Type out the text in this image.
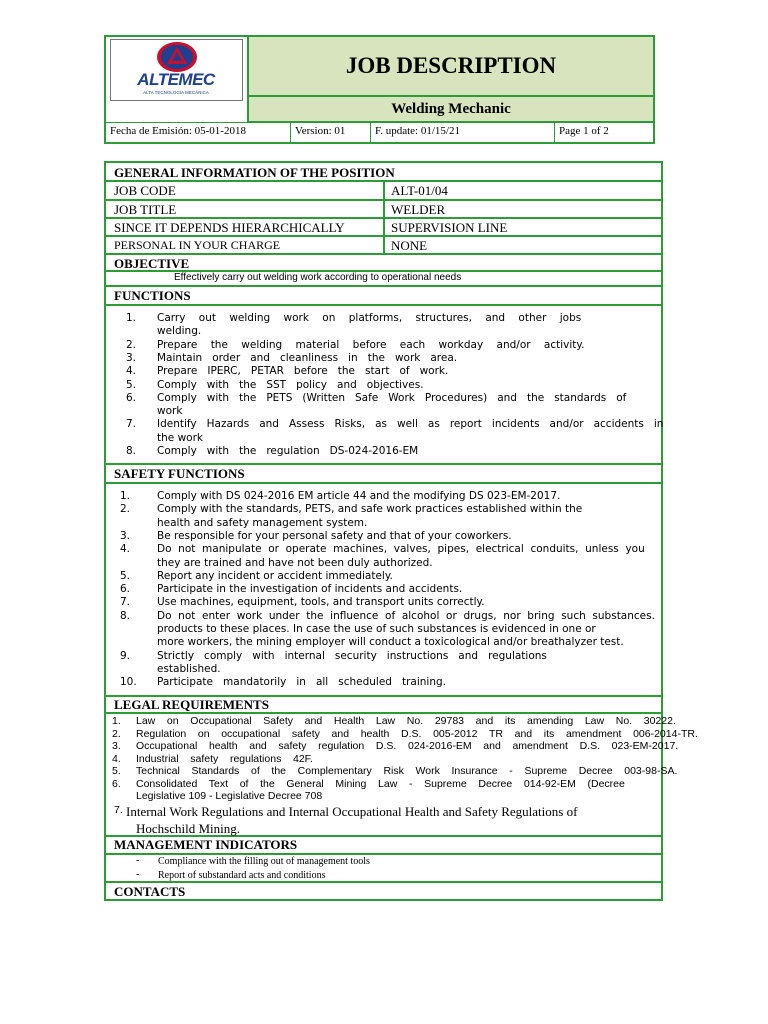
ALTEMEC
ALTA TECNOLOGÍA MECÁNICA
JOB DESCRIPTION
Welding Mechanic
Fecha de Emisión: 05-01-2018	Version: 01	F. update: 01/15/21	Page 1 of 2
GENERAL INFORMATION OF THE POSITION
JOB CODE	ALT-01/04
JOB TITLE	WELDER
SINCE IT DEPENDS HIERARCHICALLY	SUPERVISION LINE
PERSONAL IN YOUR CHARGE	NONE
OBJECTIVE
Effectively carry out welding work according to operational needs
FUNCTIONS
SAFETY FUNCTIONS
LEGAL REQUIREMENTS
MANAGEMENT INDICATORS
- Compliance with the filling out of management tools
- Report of substandard acts and conditions
CONTACTS
1. Carry    out    welding    work    on    platforms,    structures,    and    other    jobs
welding.
2. Prepare    the    welding    material    before    each    workday    and/or    activity.
3. Maintain   order   and   cleanliness   in   the   work   area.
4. Prepare   IPERC,   PETAR   before   the   start   of   work.
5. Comply   with   the   SST   policy   and   objectives.
6. Comply   with   the   PETS   (Written   Safe   Work   Procedures)   and   the   standards   of
work
7. Identify   Hazards   and   Assess   Risks,   as   well   as   report   incidents   and/or   accidents   in
the work
8. Comply   with   the   regulation   DS-024-2016-EM
1.	Comply with DS 024-2016 EM article 44 and the modifying DS 023-EM-2017.
2.	Comply with the standards, PETS, and safe work practices established within the
health and safety management system.
3.	Be responsible for your personal safety and that of your coworkers.
4.	Do  not  manipulate  or  operate  machines,  valves,  pipes,  electrical  conduits,  unless  you
they are trained and have not been duly authorized.
5.	Report any incident or accident immediately.
6.	Participate in the investigation of incidents and accidents.
7.	Use machines, equipment, tools, and transport units correctly.
8.	Do  not  enter  work  under  the  influence  of  alcohol  or  drugs,  nor  bring  such  substances.
products to these places. In case the use of such substances is evidenced in one or
more workers, the mining employer will conduct a toxicological and/or breathalyzer test.
9.	Strictly   comply   with   internal   security   instructions   and   regulations
established.
10. Participate   mandatorily   in   all   scheduled   training.
1. Law    on    Occupational    Safety    and    Health    Law    No.    29783    and    its    amending    Law    No.    30222.
2. Regulation    on    occupational    safety    and    health    D.S.    005-2012    TR    and    its    amendment    006-2014-TR.
3. Occupational    health    and    safety    regulation    D.S.    024-2016-EM    and    amendment    D.S.    023-EM-2017.
4. Industrial    safety    regulations    42F.
5. Technical    Standards    of    the    Complementary    Risk    Work    Insurance    -    Supreme    Decree    003-98-SA.
6. Consolidated    Text    of    the    General    Mining    Law    -    Supreme    Decree    014-92-EM    (Decree
Legislative 109 - Legislative Decree 708
7. Internal Work Regulations and Internal Occupational Health and Safety Regulations of
Hochschild Mining.
